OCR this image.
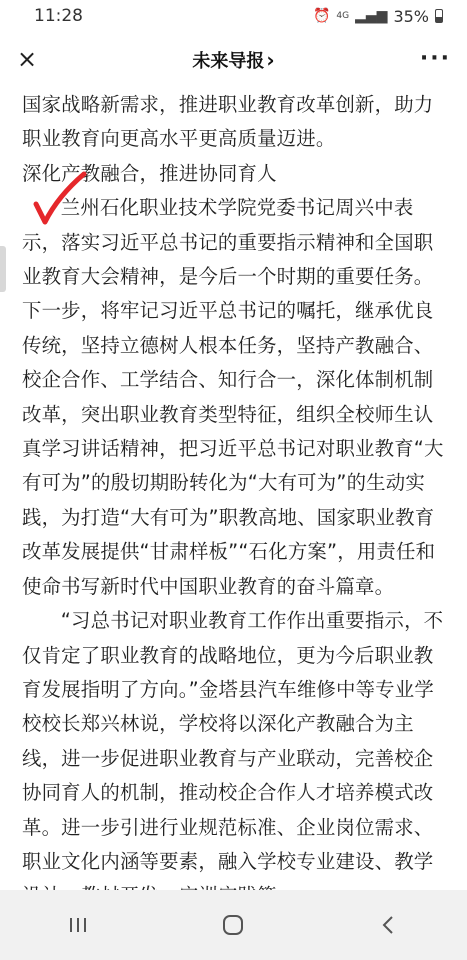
11:28	⏰ 4G ▂▄▆ 35%
×	未来导报 ›	···

国家战略新需求，推进职业教育改革创新，助力职业教育向更高水平更高质量迈进。

深化产教融合，推进协同育人

兰州石化职业技术学院党委书记周兴中表示，落实习近平总书记的重要指示精神和全国职业教育大会精神，是今后一个时期的重要任务。下一步，将牢记习近平总书记的嘱托，继承优良传统，坚持立德树人根本任务，坚持产教融合、校企合作、工学结合、知行合一，深化体制机制改革，突出职业教育类型特征，组织全校师生认真学习讲话精神，把习近平总书记对职业教育“大有可为”的殷切期盼转化为“大有可为”的生动实践，为打造“大有可为”职教高地、国家职业教育改革发展提供“甘肃样板”“石化方案”，用责任和使命书写新时代中国职业教育的奋斗篇章。

“习总书记对职业教育工作作出重要指示，不仅肯定了职业教育的战略地位，更为今后职业教育发展指明了方向。”金塔县汽车维修中等专业学校校长郑兴林说，学校将以深化产教融合为主线，进一步促进职业教育与产业联动，完善校企协同育人的机制，推动校企合作人才培养模式改革。进一步引进行业规范标准、企业岗位需求、职业文化内涵等要素，融入学校专业建设、教学
